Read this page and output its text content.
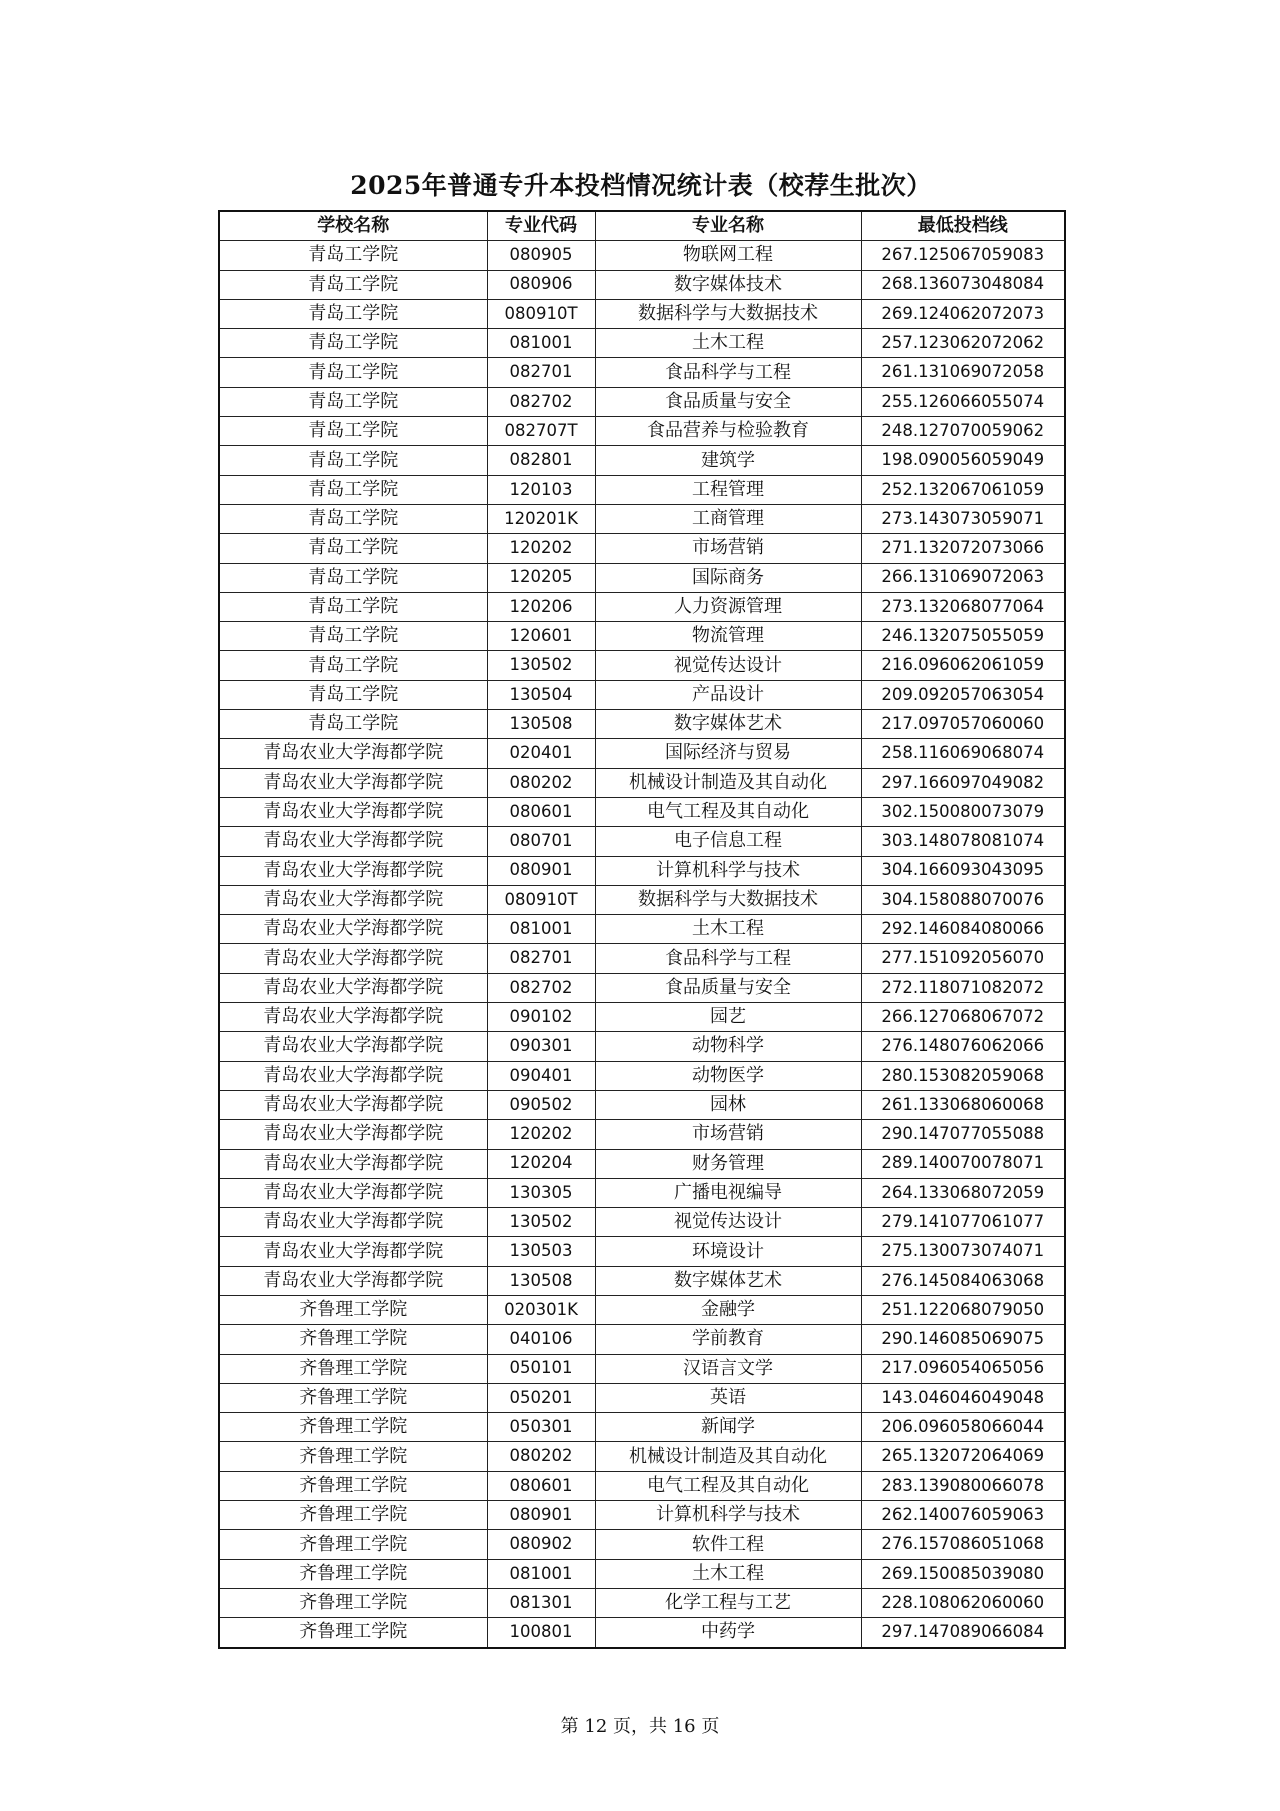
2025年普通专升本投档情况统计表（校荐生批次）
学校名称	专业代码	专业名称	最低投档线
青岛工学院	080905	物联网工程	267.125067059083
青岛工学院	080906	数字媒体技术	268.136073048084
青岛工学院	080910T	数据科学与大数据技术	269.124062072073
青岛工学院	081001	土木工程	257.123062072062
青岛工学院	082701	食品科学与工程	261.131069072058
青岛工学院	082702	食品质量与安全	255.126066055074
青岛工学院	082707T	食品营养与检验教育	248.127070059062
青岛工学院	082801	建筑学	198.090056059049
青岛工学院	120103	工程管理	252.132067061059
青岛工学院	120201K	工商管理	273.143073059071
青岛工学院	120202	市场营销	271.132072073066
青岛工学院	120205	国际商务	266.131069072063
青岛工学院	120206	人力资源管理	273.132068077064
青岛工学院	120601	物流管理	246.132075055059
青岛工学院	130502	视觉传达设计	216.096062061059
青岛工学院	130504	产品设计	209.092057063054
青岛工学院	130508	数字媒体艺术	217.097057060060
青岛农业大学海都学院	020401	国际经济与贸易	258.116069068074
青岛农业大学海都学院	080202	机械设计制造及其自动化	297.166097049082
青岛农业大学海都学院	080601	电气工程及其自动化	302.150080073079
青岛农业大学海都学院	080701	电子信息工程	303.148078081074
青岛农业大学海都学院	080901	计算机科学与技术	304.166093043095
青岛农业大学海都学院	080910T	数据科学与大数据技术	304.158088070076
青岛农业大学海都学院	081001	土木工程	292.146084080066
青岛农业大学海都学院	082701	食品科学与工程	277.151092056070
青岛农业大学海都学院	082702	食品质量与安全	272.118071082072
青岛农业大学海都学院	090102	园艺	266.127068067072
青岛农业大学海都学院	090301	动物科学	276.148076062066
青岛农业大学海都学院	090401	动物医学	280.153082059068
青岛农业大学海都学院	090502	园林	261.133068060068
青岛农业大学海都学院	120202	市场营销	290.147077055088
青岛农业大学海都学院	120204	财务管理	289.140070078071
青岛农业大学海都学院	130305	广播电视编导	264.133068072059
青岛农业大学海都学院	130502	视觉传达设计	279.141077061077
青岛农业大学海都学院	130503	环境设计	275.130073074071
青岛农业大学海都学院	130508	数字媒体艺术	276.145084063068
齐鲁理工学院	020301K	金融学	251.122068079050
齐鲁理工学院	040106	学前教育	290.146085069075
齐鲁理工学院	050101	汉语言文学	217.096054065056
齐鲁理工学院	050201	英语	143.046046049048
齐鲁理工学院	050301	新闻学	206.096058066044
齐鲁理工学院	080202	机械设计制造及其自动化	265.132072064069
齐鲁理工学院	080601	电气工程及其自动化	283.139080066078
齐鲁理工学院	080901	计算机科学与技术	262.140076059063
齐鲁理工学院	080902	软件工程	276.157086051068
齐鲁理工学院	081001	土木工程	269.150085039080
齐鲁理工学院	081301	化学工程与工艺	228.108062060060
齐鲁理工学院	100801	中药学	297.147089066084
第 12 页，共 16 页
